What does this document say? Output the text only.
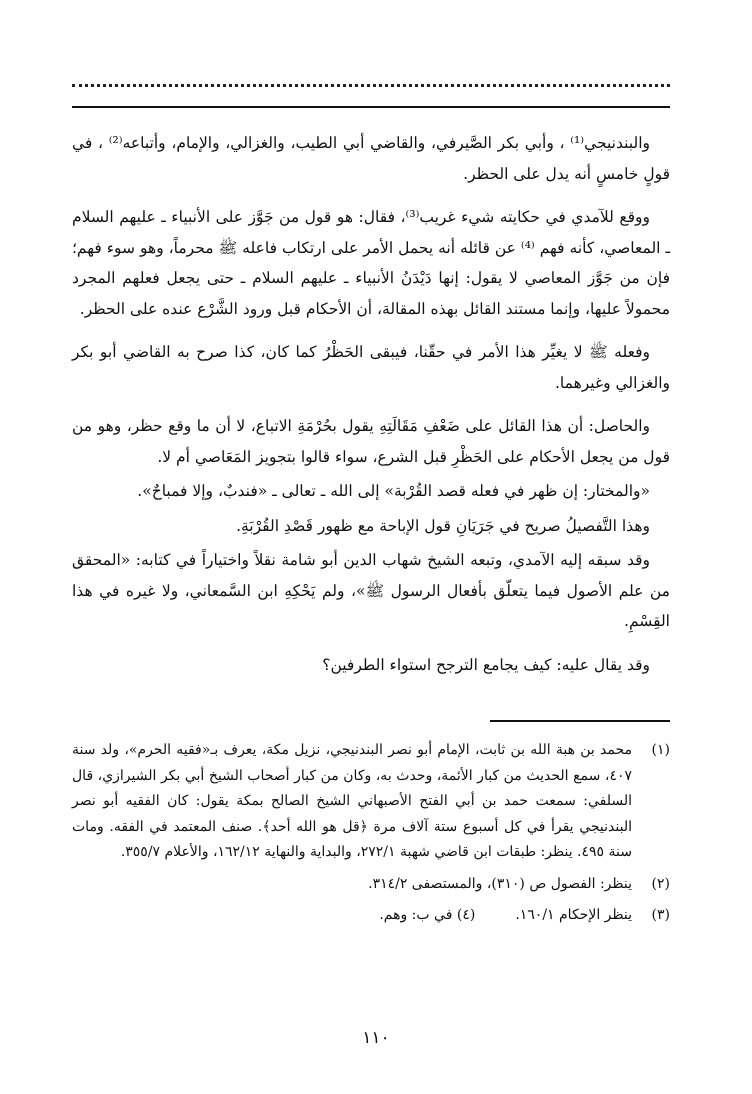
والبندنيجي⁽¹⁾ ، وأبي بكر الصَّيرفي، والقاضي أبي الطيب، والغزالي، والإمام، وأتباعه⁽²⁾ ، في قولٍ خامسٍ أنه يدل على الحظر.

ووقع للآمدي في حكايته شيء غريب⁽³⁾، فقال: هو قول من جَوَّز على الأنبياء ـ عليهم السلام ـ المعاصي، كأنه فهم ⁽⁴⁾ عن قائله أنه يحمل الأمر على ارتكاب فاعله ﷺ محرماً، وهو سوء فهم؛ فإن من جَوَّز المعاصي لا يقول: إنها دَيْدَنُ الأنبياء ـ عليهم السلام ـ حتى يجعل فعلهم المجرد محمولاً عليها، وإنما مستند القائل بهذه المقالة، أن الأحكام قبل ورود الشَّرْع عنده على الحظر.

وفعله ﷺ لا يغيِّر هذا الأمر في حقّنا، فيبقى الحَظْرُ كما كان، كذا صرح به القاضي أبو بكر والغزالي وغيرهما.

والحاصل: أن هذا القائل على ضَعْفِ مَقَالَتِهِ يقول بحُرْمَةِ الاتباع، لا أن ما وقع حظر، وهو من قول من يجعل الأحكام على الحَظْرِ قبل الشرع، سواء قالوا بتجويز المَعَاصي أم لا.

«والمختار: إن ظهر في فعله قصد القُرْبة» إلى الله ـ تعالى ـ «فندبٌ، وإلا فمباحٌ».

وهذا التَّفصيلُ صريح في جَرَيَانِ قول الإباحة مع ظهور قَصْدِ القُرْبَةِ.

وقد سبقه إليه الآمدي، وتبعه الشيخ شهاب الدين أبو شامة نقلاً واختياراً في كتابه: «المحقق من علم الأصول فيما يتعلّق بأفعال الرسول ﷺ»، ولم يَحْكِهِ ابن السَّمعاني، ولا غيره في هذا القِسْمِ.

وقد يقال عليه: كيف يجامع الترجح استواء الطرفين؟

(١)
محمد بن هبة الله بن ثابت، الإمام أبو نصر البندنيجي، نزيل مكة، يعرف بـ«فقيه الحرم»، ولد سنة ٤٠٧، سمع الحديث من كبار الأئمة، وحدث به، وكان من كبار أصحاب الشيخ أبي بكر الشيرازي، قال السلفي: سمعت حمد بن أبي الفتح الأصبهاني الشيخ الصالح بمكة يقول: كان الفقيه أبو نصر البندنيجي يقرأ في كل أسبوع ستة آلاف مرة ﴿قل هو الله أحد﴾. صنف المعتمد في الفقه. ومات سنة ٤٩٥. ينظر: طبقات ابن قاضي شهبة ٢٧٢/١، والبداية والنهاية ١٦٢/١٢، والأعلام ٣٥٥/٧.
(٢)
ينظر: الفصول ص (٣١٠)، والمستصفى ٣١٤/٢.
(٣)
ينظر الإحكام ١٦٠/١.
(٤) في ب: وهم.
١١٠
